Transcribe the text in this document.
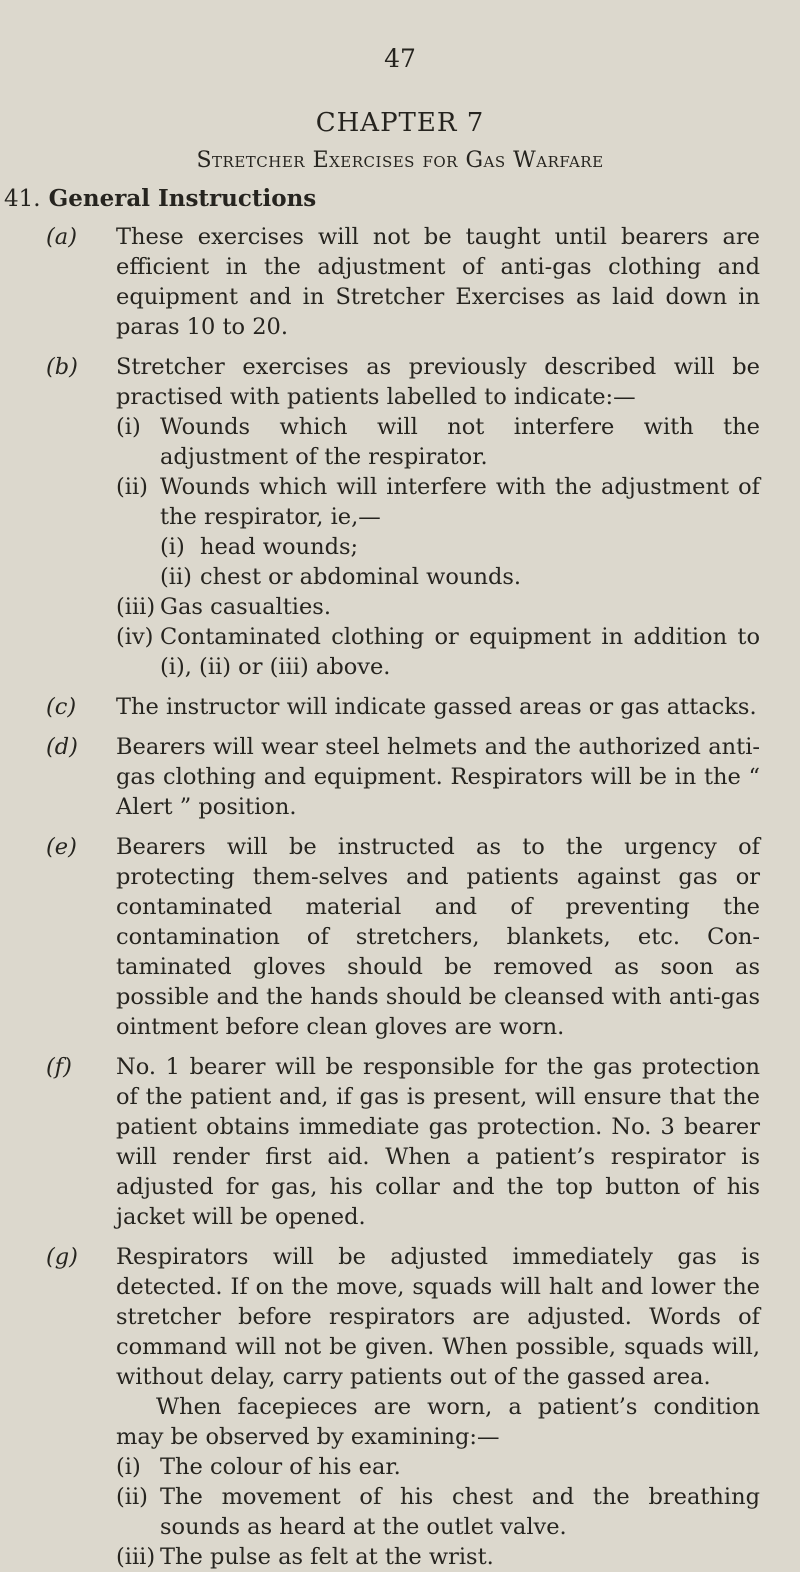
47
CHAPTER 7
Stretcher Exercises for Gas Warfare
41. General Instructions
(a) These exercises will not be taught until bearers are efficient in the adjustment of anti-gas clothing and equipment and in Stretcher Exercises as laid down in paras 10 to 20.
(b) Stretcher exercises as previously described will be practised with patients labelled to indicate:—
(i) Wounds which will not interfere with the adjustment of the respirator.
(ii) Wounds which will interfere with the adjustment of the respirator, ie,—
(i) head wounds;
(ii) chest or abdominal wounds.
(iii) Gas casualties.
(iv) Contaminated clothing or equipment in addition to (i), (ii) or (iii) above.
(c) The instructor will indicate gassed areas or gas attacks.
(d) Bearers will wear steel helmets and the authorized anti-gas clothing and equipment. Respirators will be in the “ Alert ” position.
(e) Bearers will be instructed as to the urgency of protecting them-selves and patients against gas or contaminated material and of preventing the contamination of stretchers, blankets, etc. Con-taminated gloves should be removed as soon as possible and the hands should be cleansed with anti-gas ointment before clean gloves are worn.
(f) No. 1 bearer will be responsible for the gas protection of the patient and, if gas is present, will ensure that the patient obtains immediate gas protection. No. 3 bearer will render first aid. When a patient’s respirator is adjusted for gas, his collar and the top button of his jacket will be opened.
(g) Respirators will be adjusted immediately gas is detected. If on the move, squads will halt and lower the stretcher before respirators are adjusted. Words of command will not be given. When possible, squads will, without delay, carry patients out of the gassed area.
When facepieces are worn, a patient’s condition may be observed by examining:—
(i) The colour of his ear.
(ii) The movement of his chest and the breathing sounds as heard at the outlet valve.
(iii) The pulse as felt at the wrist.
